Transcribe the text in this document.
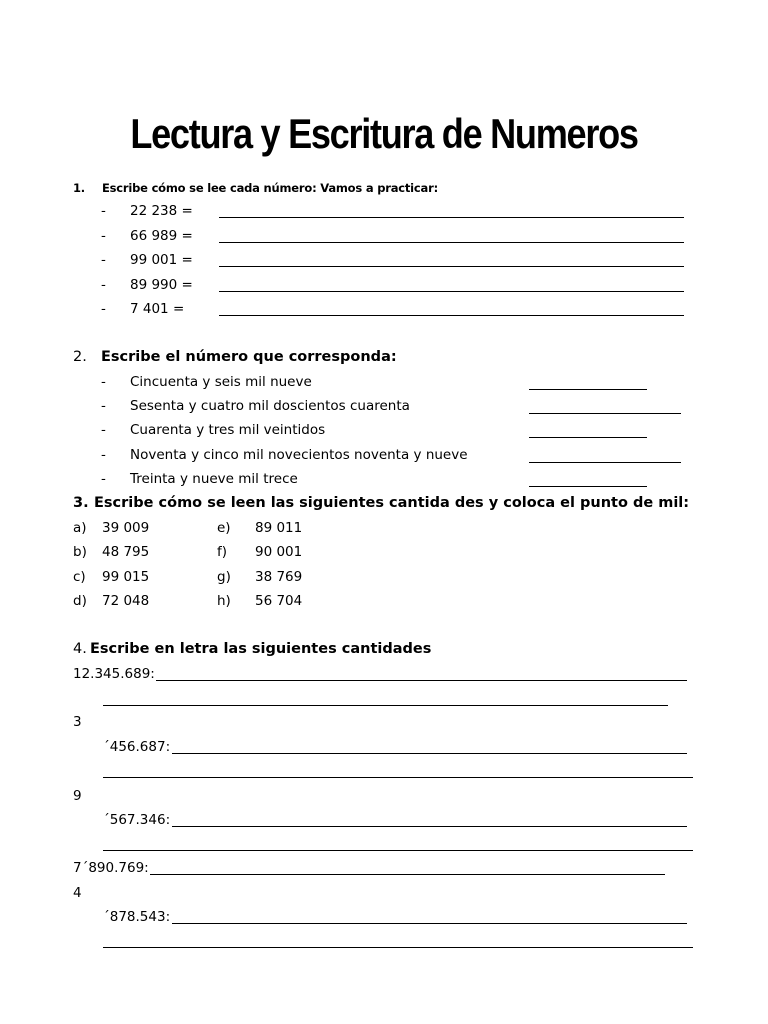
Lectura y Escritura de Numeros
1. Escribe cómo se lee cada número: Vamos a practicar:
- 22 238 =
- 66 989 =
- 99 001 =
- 89 990 =
- 7 401 =
2. Escribe el número que corresponda:
- Cincuenta y seis mil nueve
- Sesenta y cuatro mil doscientos cuarenta
- Cuarenta y tres mil veintidos
- Noventa y cinco mil novecientos noventa y nueve
- Treinta y nueve mil trece
3. Escribe cómo se leen las siguientes cantida des y coloca el punto de mil:
a) 39 009
b) 48 795
c) 99 015
d) 72 048
e) 89 011
f) 90 001
g) 38 769
h) 56 704
4. Escribe en letra las siguientes cantidades
12.345.689:
3
´456.687:
9
´567.346:
7´890.769:
4
´878.543:
